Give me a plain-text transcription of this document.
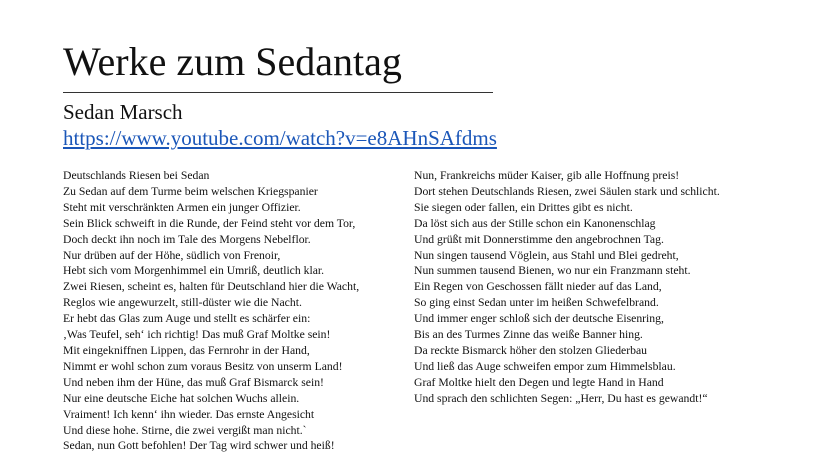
Werke zum Sedantag
Sedan Marsch
https://www.youtube.com/watch?v=e8AHnSAfdms
Deutschlands Riesen bei Sedan
Zu Sedan auf dem Turme beim welschen Kriegspanier
Steht mit verschränkten Armen ein junger Offizier.
Sein Blick schweift in die Runde, der Feind steht vor dem Tor,
Doch deckt ihn noch im Tale des Morgens Nebelflor.
Nur drüben auf der Höhe, südlich von Frenoir,
Hebt sich vom Morgenhimmel ein Umriß, deutlich klar.
Zwei Riesen, scheint es, halten für Deutschland hier die Wacht,
Reglos wie angewurzelt, still-düster wie die Nacht.
Er hebt das Glas zum Auge und stellt es schärfer ein:
‚Was Teufel, seh‘ ich richtig! Das muß Graf Moltke sein!
Mit eingekniffnen Lippen, das Fernrohr in der Hand,
Nimmt er wohl schon zum voraus Besitz von unserm Land!
Und neben ihm der Hüne, das muß Graf Bismarck sein!
Nur eine deutsche Eiche hat solchen Wuchs allein.
Vraiment! Ich kenn‘ ihn wieder. Das ernste Angesicht
Und diese hohe. Stirne, die zwei vergißt man nicht.`
Sedan, nun Gott befohlen! Der Tag wird schwer und heiß!
Nun, Frankreichs müder Kaiser, gib alle Hoffnung preis!
Dort stehen Deutschlands Riesen, zwei Säulen stark und schlicht.
Sie siegen oder fallen, ein Drittes gibt es nicht.
Da löst sich aus der Stille schon ein Kanonenschlag
Und grüßt mit Donnerstimme den angebrochnen Tag.
Nun singen tausend Vöglein, aus Stahl und Blei gedreht,
Nun summen tausend Bienen, wo nur ein Franzmann steht.
Ein Regen von Geschossen fällt nieder auf das Land,
So ging einst Sedan unter im heißen Schwefelbrand.
Und immer enger schloß sich der deutsche Eisenring,
Bis an des Turmes Zinne das weiße Banner hing.
Da reckte Bismarck höher den stolzen Gliederbau
Und ließ das Auge schweifen empor zum Himmelsblau.
Graf Moltke hielt den Degen und legte Hand in Hand
Und sprach den schlichten Segen: „Herr, Du hast es gewandt!“
